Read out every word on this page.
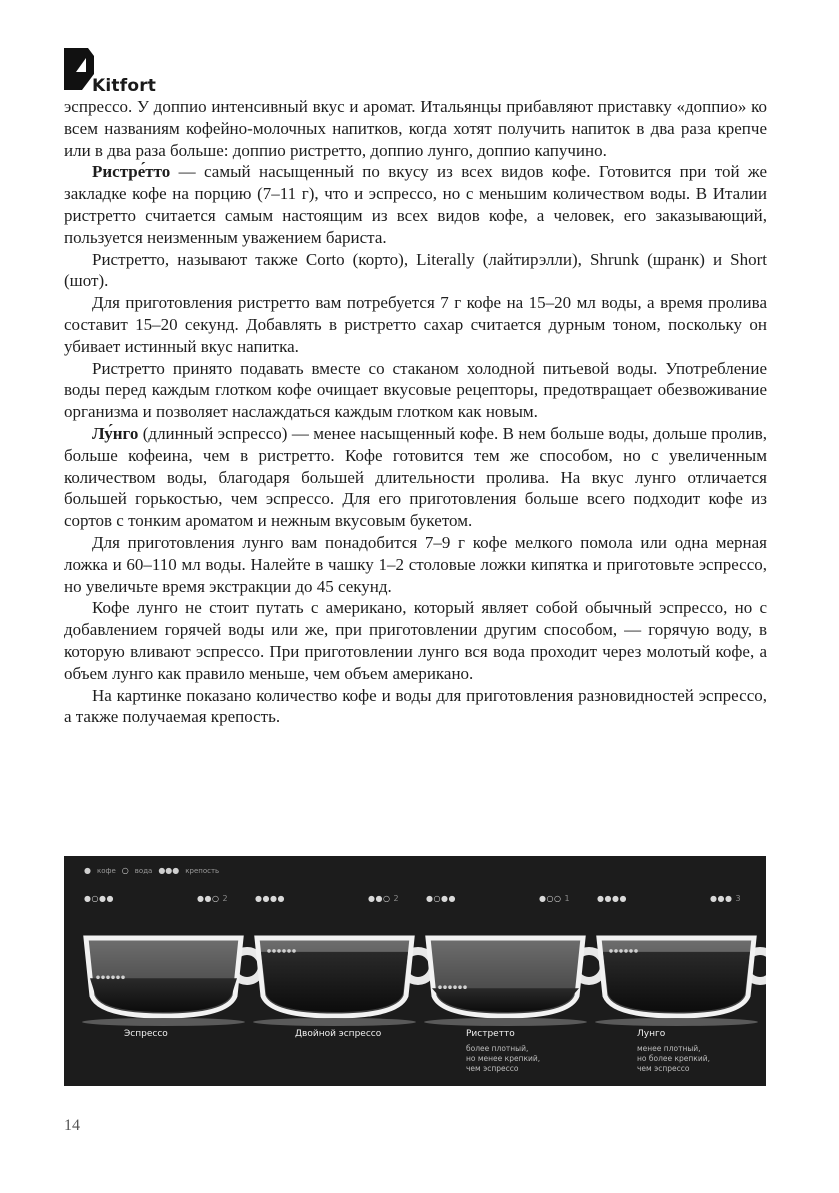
Kitfort

эспрессо. У доппио интенсивный вкус и аромат. Итальянцы прибавляют приставку «доппио» ко всем названиям кофейно-молочных напитков, когда хотят получить напиток в два раза крепче или в два раза больше: доппио ристретто, доппио лунго, доппио капучино.

Ристре́тто — самый насыщенный по вкусу из всех видов кофе. Готовится при той же закладке кофе на порцию (7–11 г), что и эспрессо, но с меньшим количеством воды. В Италии ристретто считается самым настоящим из всех видов кофе, а человек, его заказывающий, пользуется неизменным уважением бариста.

Ристретто, называют также Corto (корто), Literally (лайтирэлли), Shrunk (шранк) и Short (шот).

Для приготовления ристретто вам потребуется 7 г кофе на 15–20 мл воды, а время пролива составит 15–20 секунд. Добавлять в ристретто сахар считается дурным тоном, поскольку он убивает истинный вкус напитка.

Ристретто принято подавать вместе со стаканом холодной питьевой воды. Употребление воды перед каждым глотком кофе очищает вкусовые рецепторы, предотвращает обезвоживание организма и позволяет наслаждаться каждым глотком как новым.

Лу́нго (длинный эспрессо) — менее насыщенный кофе. В нем больше воды, дольше пролив, больше кофеина, чем в ристретто. Кофе готовится тем же способом, но с увеличенным количеством воды, благодаря большей длительности пролива. На вкус лунго отличается большей горькостью, чем эспрессо. Для его приготовления больше всего подходит кофе из сортов с тонким ароматом и нежным вкусовым букетом.

Для приготовления лунго вам понадобится 7–9 г кофе мелкого помола или одна мерная ложка и 60–110 мл воды. Налейте в чашку 1–2 столовые ложки кипятка и приготовьте эспрессо, но увеличьте время экстракции до 45 секунд.

Кофе лунго не стоит путать с американо, который являет собой обычный эспрессо, но с добавлением горячей воды или же, при приготовлении другим способом, — горячую воду, в которую вливают эспрессо. При приготовлении лунго вся вода проходит через молотый кофе, а объем лунго как правило меньше, чем объем американо.

На картинке показано количество кофе и воды для приготовления разновидностей эспрессо, а также получаемая крепость.

● кофе ○ вода ●●● крепость
●○●●	●●○ 2
Эспрессо
●●●●	●●○ 2
Двойной эспрессо
●○●●	●○○ 1
Ристретто
более плотный,
но менее крепкий,
чем эспрессо
●●●●	●●● 3
Лунго
менее плотный,
но более крепкий,
чем эспрессо
14
